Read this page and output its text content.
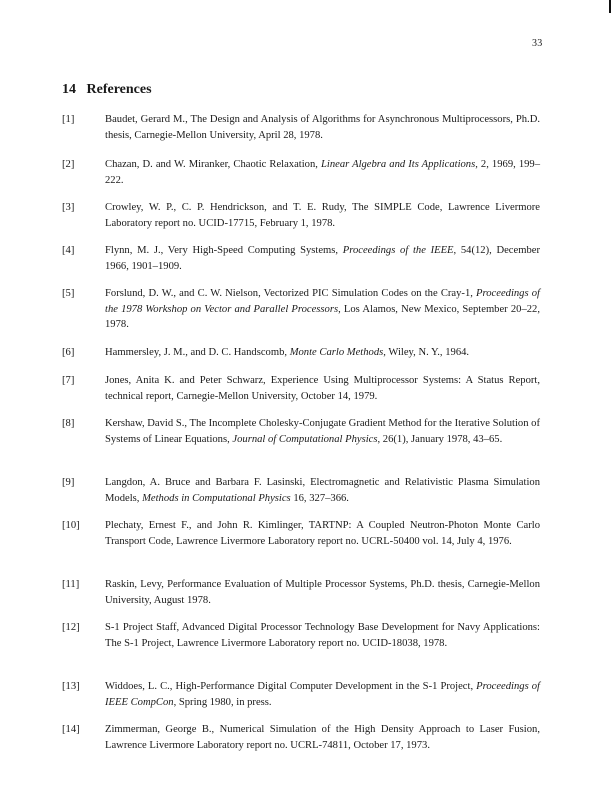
33
14 References
[1]	Baudet, Gerard M., The Design and Analysis of Algorithms for Asynchronous Multiprocessors, Ph.D. thesis, Carnegie-Mellon University, April 28, 1978.
[2]	Chazan, D. and W. Miranker, Chaotic Relaxation, Linear Algebra and Its Applications, 2, 1969, 199–222.
[3]	Crowley, W. P., C. P. Hendrickson, and T. E. Rudy, The SIMPLE Code, Lawrence Livermore Laboratory report no. UCID-17715, February 1, 1978.
[4]	Flynn, M. J., Very High-Speed Computing Systems, Proceedings of the IEEE, 54(12), December 1966, 1901–1909.
[5]	Forslund, D. W., and C. W. Nielson, Vectorized PIC Simulation Codes on the Cray-1, Proceedings of the 1978 Workshop on Vector and Parallel Processors, Los Alamos, New Mexico, September 20–22, 1978.
[6]	Hammersley, J. M., and D. C. Handscomb, Monte Carlo Methods, Wiley, N. Y., 1964.
[7]	Jones, Anita K. and Peter Schwarz, Experience Using Multiprocessor Systems: A Status Report, technical report, Carnegie-Mellon University, October 14, 1979.
[8]	Kershaw, David S., The Incomplete Cholesky-Conjugate Gradient Method for the Iterative Solution of Systems of Linear Equations, Journal of Computational Physics, 26(1), January 1978, 43–65.
[9]	Langdon, A. Bruce and Barbara F. Lasinski, Electromagnetic and Relativistic Plasma Simulation Models, Methods in Computational Physics 16, 327–366.
[10] Plechaty, Ernest F., and John R. Kimlinger, TARTNP: A Coupled Neutron-Photon Monte Carlo Transport Code, Lawrence Livermore Laboratory report no. UCRL-50400 vol. 14, July 4, 1976.
[11] Raskin, Levy, Performance Evaluation of Multiple Processor Systems, Ph.D. thesis, Carnegie-Mellon University, August 1978.
[12] S-1 Project Staff, Advanced Digital Processor Technology Base Development for Navy Applications: The S-1 Project, Lawrence Livermore Laboratory report no. UCID-18038, 1978.
[13] Widdoes, L. C., High-Performance Digital Computer Development in the S-1 Project, Proceedings of IEEE CompCon, Spring 1980, in press.
[14] Zimmerman, George B., Numerical Simulation of the High Density Approach to Laser Fusion, Lawrence Livermore Laboratory report no. UCRL-74811, October 17, 1973.
